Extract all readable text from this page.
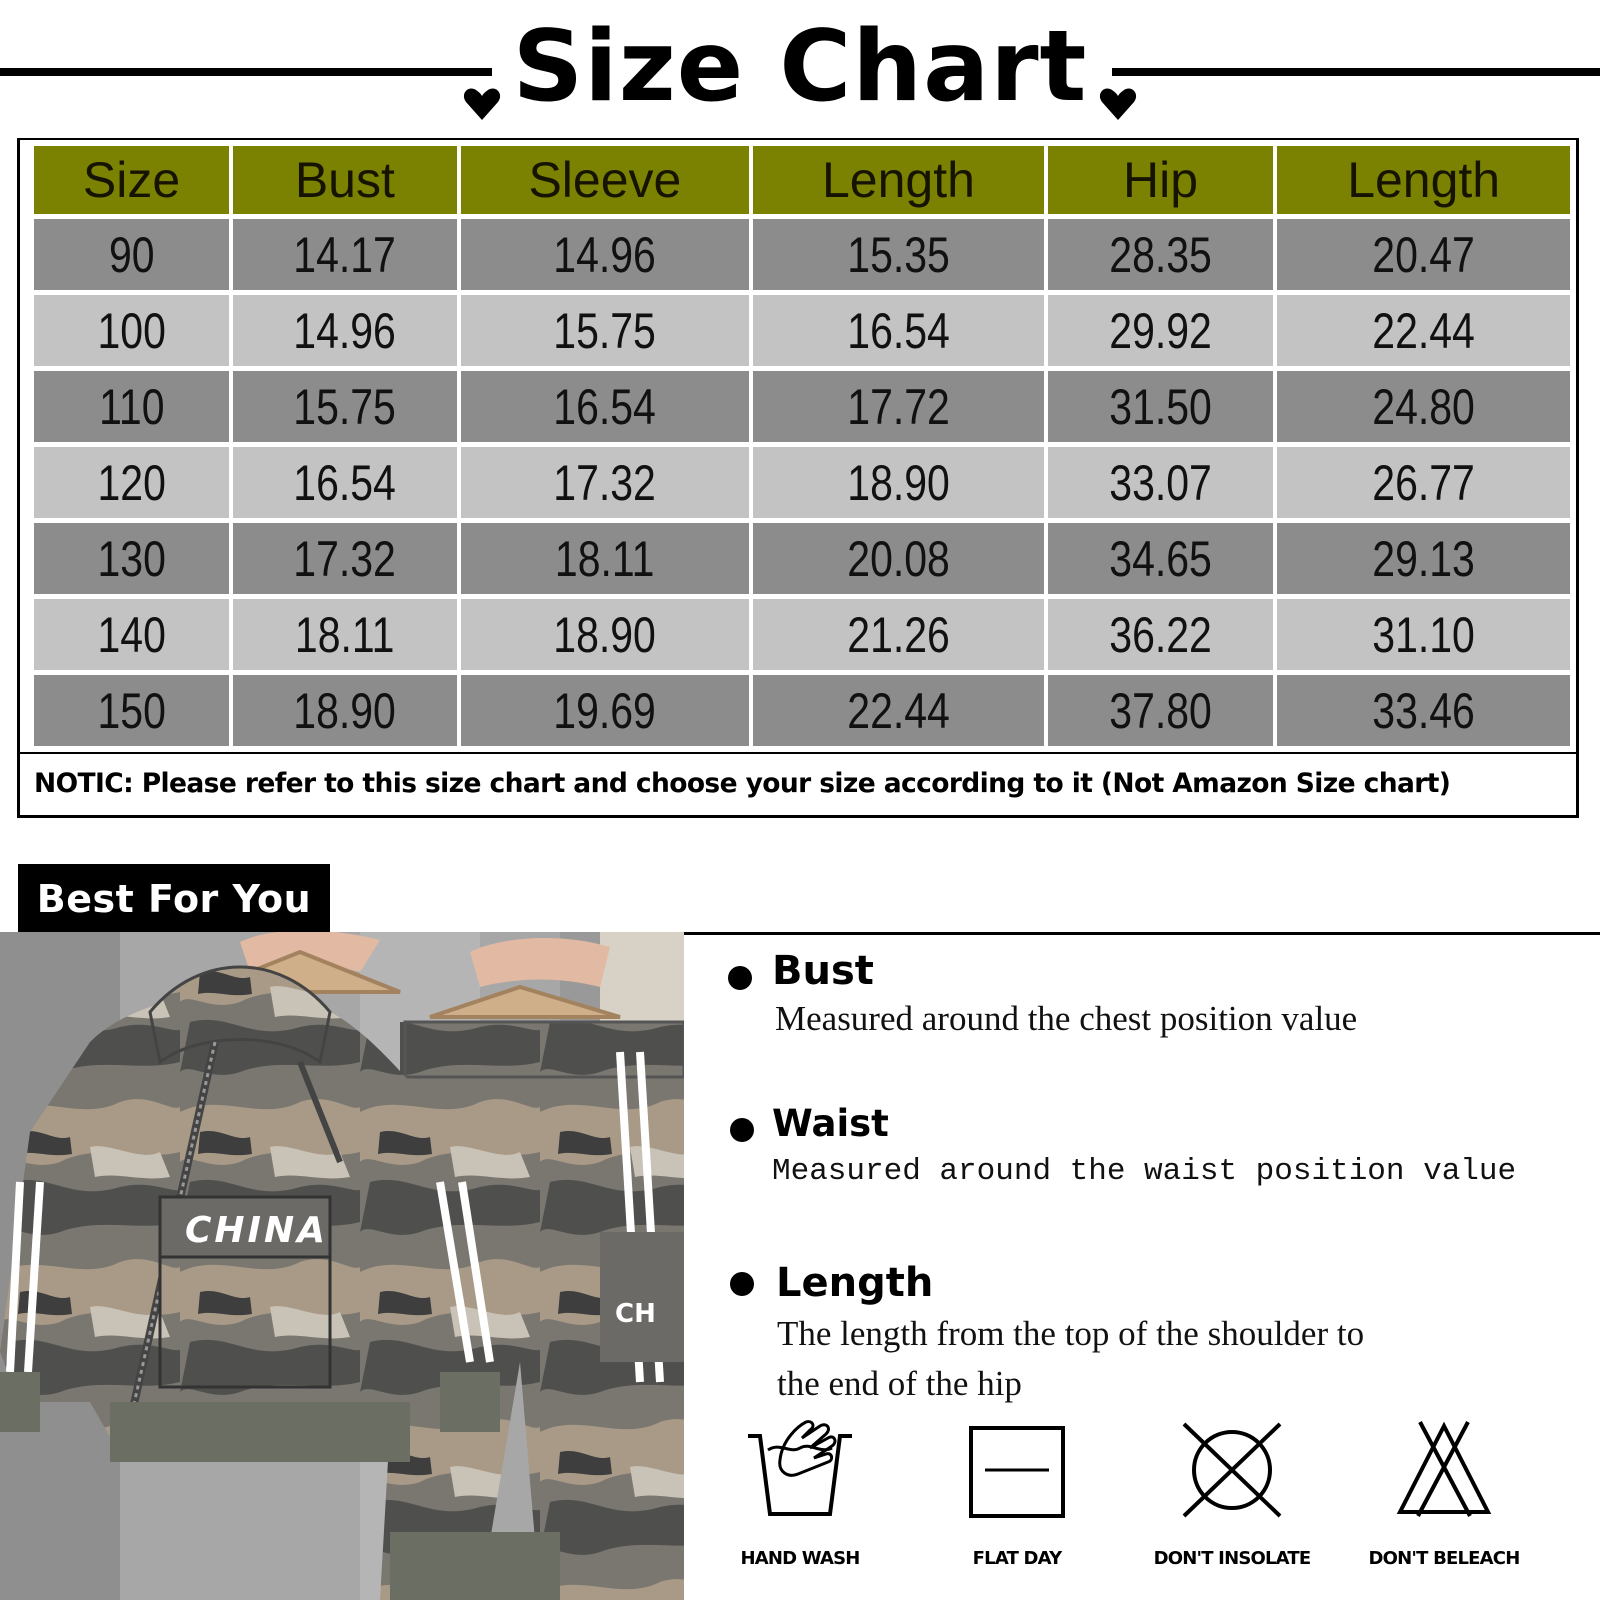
Size Chart
Size	Bust	Sleeve	Length	Hip	Length
90	14.17	14.96	15.35	28.35	20.47
100	14.96	15.75	16.54	29.92	22.44
110	15.75	16.54	17.72	31.50	24.80
120	16.54	17.32	18.90	33.07	26.77
130	17.32	18.11	20.08	34.65	29.13
140	18.11	18.90	21.26	36.22	31.10
150	18.90	19.69	22.44	37.80	33.46

NOTIC: Please refer to this size chart and choose your size according to it (Not Amazon Size chart)

Best For You
CH
CHINA

Bust

Measured around the chest position value

Waist

Measured around the waist position value

Length

The length from the top of the shoulder to

the end of the hip

HAND WASH	FLAT DAY	DON'T INSOLATE	DON'T BELEACH
